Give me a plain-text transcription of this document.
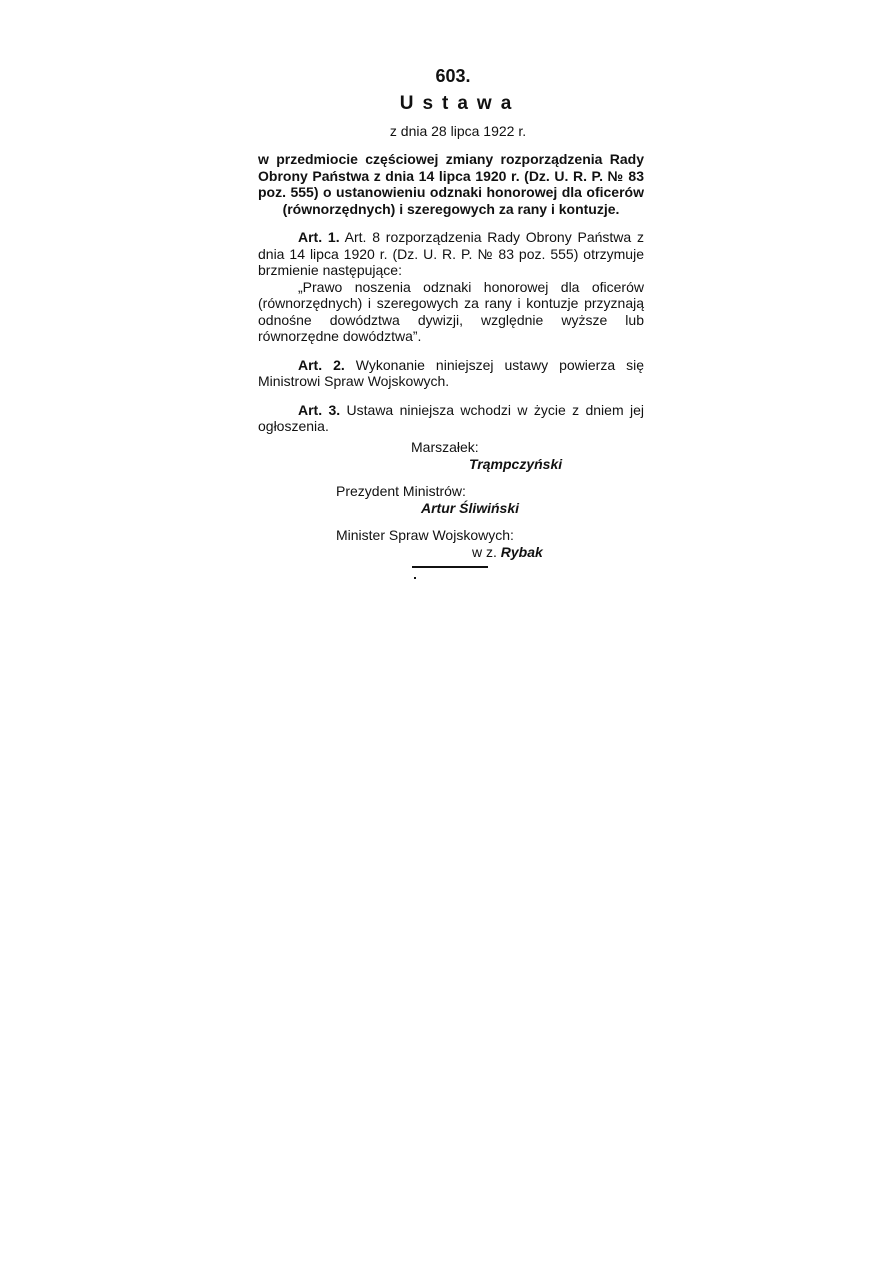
603.
Ustawa
z dnia 28 lipca 1922 r.
w przedmiocie częściowej zmiany rozporządzenia Rady Obrony Państwa z dnia 14 lipca 1920 r. (Dz. U. R. P. № 83 poz. 555) o ustanowieniu odznaki honorowej dla oficerów (równorzędnych) i szeregowych za rany i kontuzje.
Art. 1. Art. 8 rozporządzenia Rady Obrony Państwa z dnia 14 lipca 1920 r. (Dz. U. R. P. № 83 poz. 555) otrzymuje brzmienie następujące:
„Prawo noszenia odznaki honorowej dla oficerów (równorzędnych) i szeregowych za rany i kontuzje przyznają odnośne dowództwa dywizji, względnie wyższe lub równorzędne dowództwa”.
Art. 2. Wykonanie niniejszej ustawy powierza się Ministrowi Spraw Wojskowych.
Art. 3. Ustawa niniejsza wchodzi w życie z dniem jej ogłoszenia.
Marszałek:
Trąmpczyński
Prezydent Ministrów:
Artur Śliwiński
Minister Spraw Wojskowych:
w z. Rybak
